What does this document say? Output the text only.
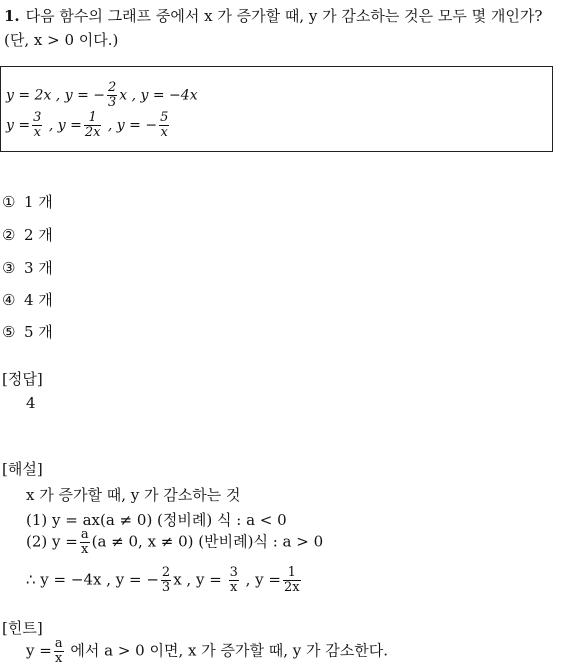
1. 다음 함수의 그래프 중에서 x 가 증가할 때, y 가 감소하는 것은 모두 몇 개인가?(단, x > 0 이다.)
y = 2x , y = − $\frac{2}{3}$ x , y = −4x
$y = \frac{3}{x}$ , $y = \frac{1}{2x}$ , y = − $\frac{5}{x}$
① 1 개
② 2 개
③ 3 개
④ 4 개
⑤ 5 개
[정답]
4
[해설]
x 가 증가할 때, y 가 감소하는 것
(1) y = ax(a ≠ 0) (정비례) 식 : a < 0
(2) $y = \frac{a}{x} (a \ne 0$, x ≠ 0) (반비례)식 : a > 0
∴ y = −4x , y = − $\frac{2}{3}$ x , $y = \frac{3}{x}$ , $y = \frac{1}{2x}$
[힌트]
$y = \frac{a}{x}$ 에서 a > 0 이면, x 가 증가할 때, y 가 감소한다.
